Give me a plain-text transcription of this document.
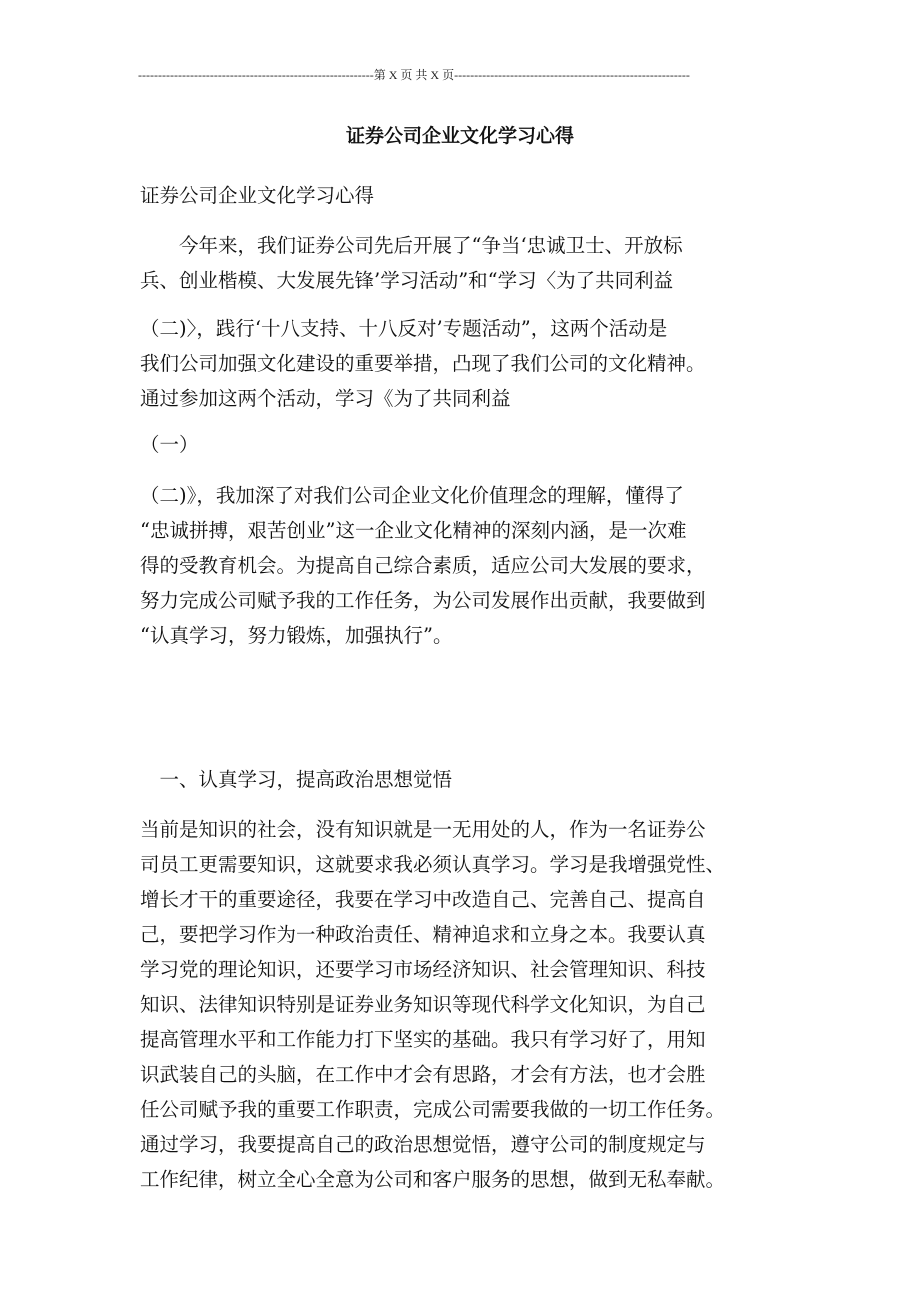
-----------------------------------------------------------第 X 页 共 X 页-----------------------------------------------------------
证券公司企业文化学习心得
证券公司企业文化学习心得
　　今年来，我们证券公司先后开展了“争当‘忠诚卫士、开放标
兵、创业楷模、大发展先锋’学习活动”和“学习〈为了共同利益
（二)〉，践行‘十八支持、十八反对’专题活动”，这两个活动是
我们公司加强文化建设的重要举措，凸现了我们公司的文化精神。
通过参加这两个活动，学习《为了共同利益
（一）
（二)》，我加深了对我们公司企业文化价值理念的理解，懂得了
“忠诚拼搏，艰苦创业”这一企业文化精神的深刻内涵，是一次难
得的受教育机会。为提高自己综合素质，适应公司大发展的要求，
努力完成公司赋予我的工作任务，为公司发展作出贡献，我要做到
“认真学习，努力锻炼，加强执行”。
　一、认真学习，提高政治思想觉悟
当前是知识的社会，没有知识就是一无用处的人，作为一名证券公
司员工更需要知识，这就要求我必须认真学习。学习是我增强党性、
增长才干的重要途径，我要在学习中改造自己、完善自己、提高自
己，要把学习作为一种政治责任、精神追求和立身之本。我要认真
学习党的理论知识，还要学习市场经济知识、社会管理知识、科技
知识、法律知识特别是证券业务知识等现代科学文化知识，为自己
提高管理水平和工作能力打下坚实的基础。我只有学习好了，用知
识武装自己的头脑，在工作中才会有思路，才会有方法，也才会胜
任公司赋予我的重要工作职责，完成公司需要我做的一切工作任务。
通过学习，我要提高自己的政治思想觉悟，遵守公司的制度规定与
工作纪律，树立全心全意为公司和客户服务的思想，做到无私奉献。
